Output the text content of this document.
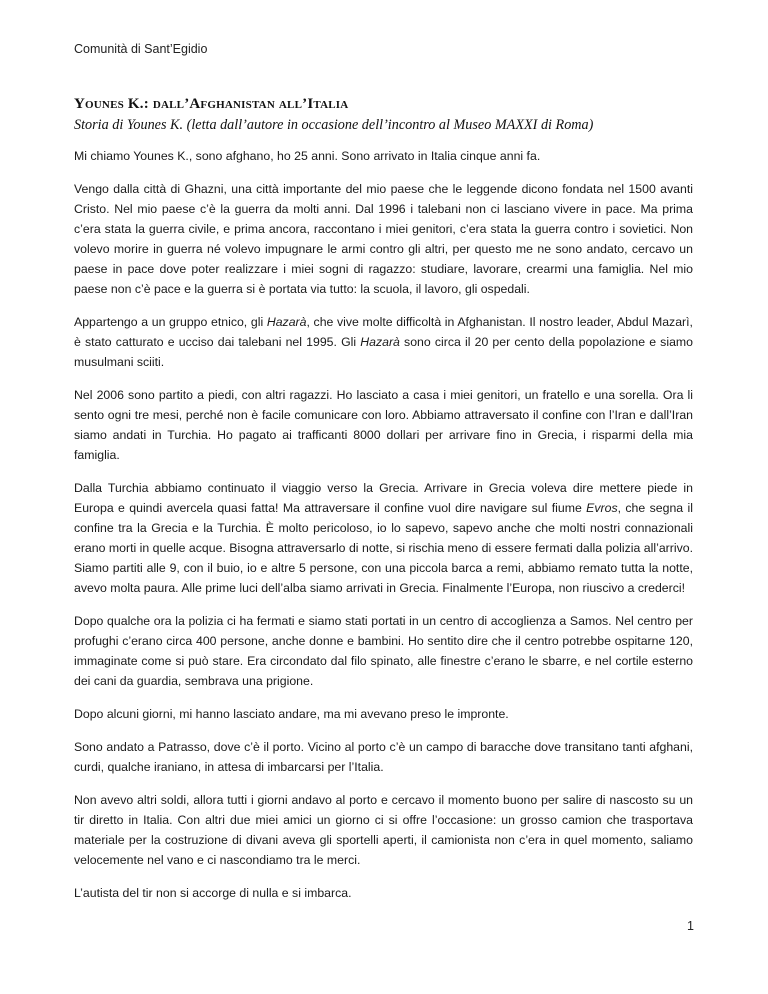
Comunità di Sant’Egidio
Younes K.: dall’Afghanistan all’Italia

Storia di Younes K. (letta dall’autore in occasione dell’incontro al Museo MAXXI di Roma)

Mi chiamo Younes K., sono afghano, ho 25 anni. Sono arrivato in Italia cinque anni fa.

Vengo dalla città di Ghazni, una città importante del mio paese che le leggende dicono fondata nel 1500 avanti Cristo. Nel mio paese c’è la guerra da molti anni. Dal 1996 i talebani non ci lasciano vivere in pace. Ma prima c’era stata la guerra civile, e prima ancora, raccontano i miei genitori, c’era stata la guerra contro i sovietici. Non volevo morire in guerra né volevo impugnare le armi contro gli altri, per questo me ne sono andato, cercavo un paese in pace dove poter realizzare i miei sogni di ragazzo: studiare, lavorare, crearmi una famiglia. Nel mio paese non c’è pace e la guerra si è portata via tutto: la scuola, il lavoro, gli ospedali.

Appartengo a un gruppo etnico, gli Hazarà, che vive molte difficoltà in Afghanistan. Il nostro leader, Abdul Mazarì, è stato catturato e ucciso dai talebani nel 1995. Gli Hazarà sono circa il 20 per cento della popolazione e siamo musulmani sciiti.

Nel 2006 sono partito a piedi, con altri ragazzi. Ho lasciato a casa i miei genitori, un fratello e una sorella. Ora li sento ogni tre mesi, perché non è facile comunicare con loro. Abbiamo attraversato il confine con l’Iran e dall’Iran siamo andati in Turchia. Ho pagato ai trafficanti 8000 dollari per arrivare fino in Grecia, i risparmi della mia famiglia.

Dalla Turchia abbiamo continuato il viaggio verso la Grecia. Arrivare in Grecia voleva dire mettere piede in Europa e quindi avercela quasi fatta! Ma attraversare il confine vuol dire navigare sul fiume Evros, che segna il confine tra la Grecia e la Turchia. È molto pericoloso, io lo sapevo, sapevo anche che molti nostri connazionali erano morti in quelle acque. Bisogna attraversarlo di notte, si rischia meno di essere fermati dalla polizia all’arrivo. Siamo partiti alle 9, con il buio, io e altre 5 persone, con una piccola barca a remi, abbiamo remato tutta la notte, avevo molta paura. Alle prime luci dell’alba siamo arrivati in Grecia. Finalmente l’Europa, non riuscivo a crederci!

Dopo qualche ora la polizia ci ha fermati e siamo stati portati in un centro di accoglienza a Samos. Nel centro per profughi c’erano circa 400 persone, anche donne e bambini. Ho sentito dire che il centro potrebbe ospitarne 120, immaginate come si può stare. Era circondato dal filo spinato, alle finestre c’erano le sbarre, e nel cortile esterno dei cani da guardia, sembrava una prigione.

Dopo alcuni giorni, mi hanno lasciato andare, ma mi avevano preso le impronte.

Sono andato a Patrasso, dove c’è il porto. Vicino al porto c’è un campo di baracche dove transitano tanti afghani, curdi, qualche iraniano, in attesa di imbarcarsi per l’Italia.

Non avevo altri soldi, allora tutti i giorni andavo al porto e cercavo il momento buono per salire di nascosto su un tir diretto in Italia. Con altri due miei amici un giorno ci si offre l’occasione: un grosso camion che trasportava materiale per la costruzione di divani aveva gli sportelli aperti, il camionista non c’era in quel momento, saliamo velocemente nel vano e ci nascondiamo tra le merci.

L’autista del tir non si accorge di nulla e si imbarca.

1
